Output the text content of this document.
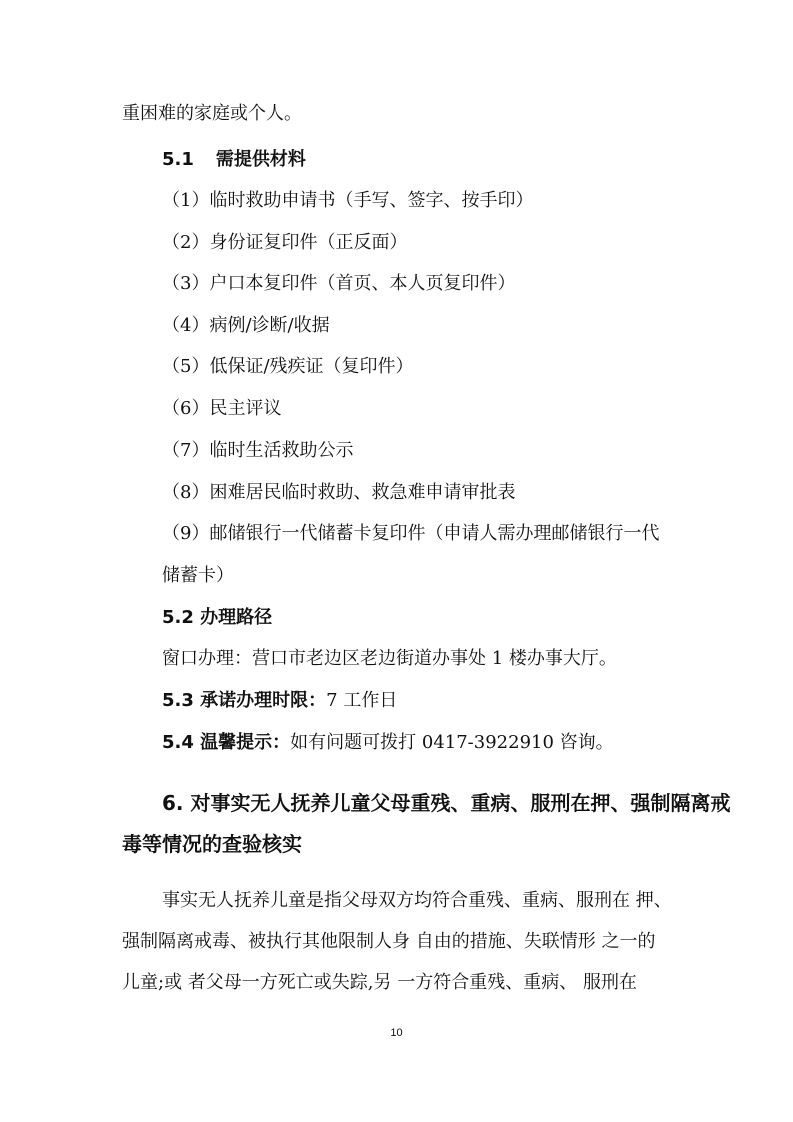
重困难的家庭或个人。
5.1 需提供材料
（1）临时救助申请书（手写、签字、按手印）
（2）身份证复印件（正反面）
（3）户口本复印件（首页、本人页复印件）
（4）病例/诊断/收据
（5）低保证/残疾证（复印件）
（6）民主评议
（7）临时生活救助公示
（8）困难居民临时救助、救急难申请审批表
（9）邮储银行一代储蓄卡复印件（申请人需办理邮储银行一代
储蓄卡）
5.2 办理路径
窗口办理：营口市老边区老边街道办事处 1 楼办事大厅。
5.3 承诺办理时限：7 工作日
5.4 温馨提示：如有问题可拨打 0417-3922910 咨询。
6. 对事实无人抚养儿童父母重残、重病、服刑在押、强制隔离戒
毒等情况的查验核实
事实无人抚养儿童是指父母双方均符合重残、重病、服刑在 押、
强制隔离戒毒、被执行其他限制人身 自由的措施、失联情形 之一的
儿童;或 者父母一方死亡或失踪,另 一方符合重残、重病、 服刑在
10
